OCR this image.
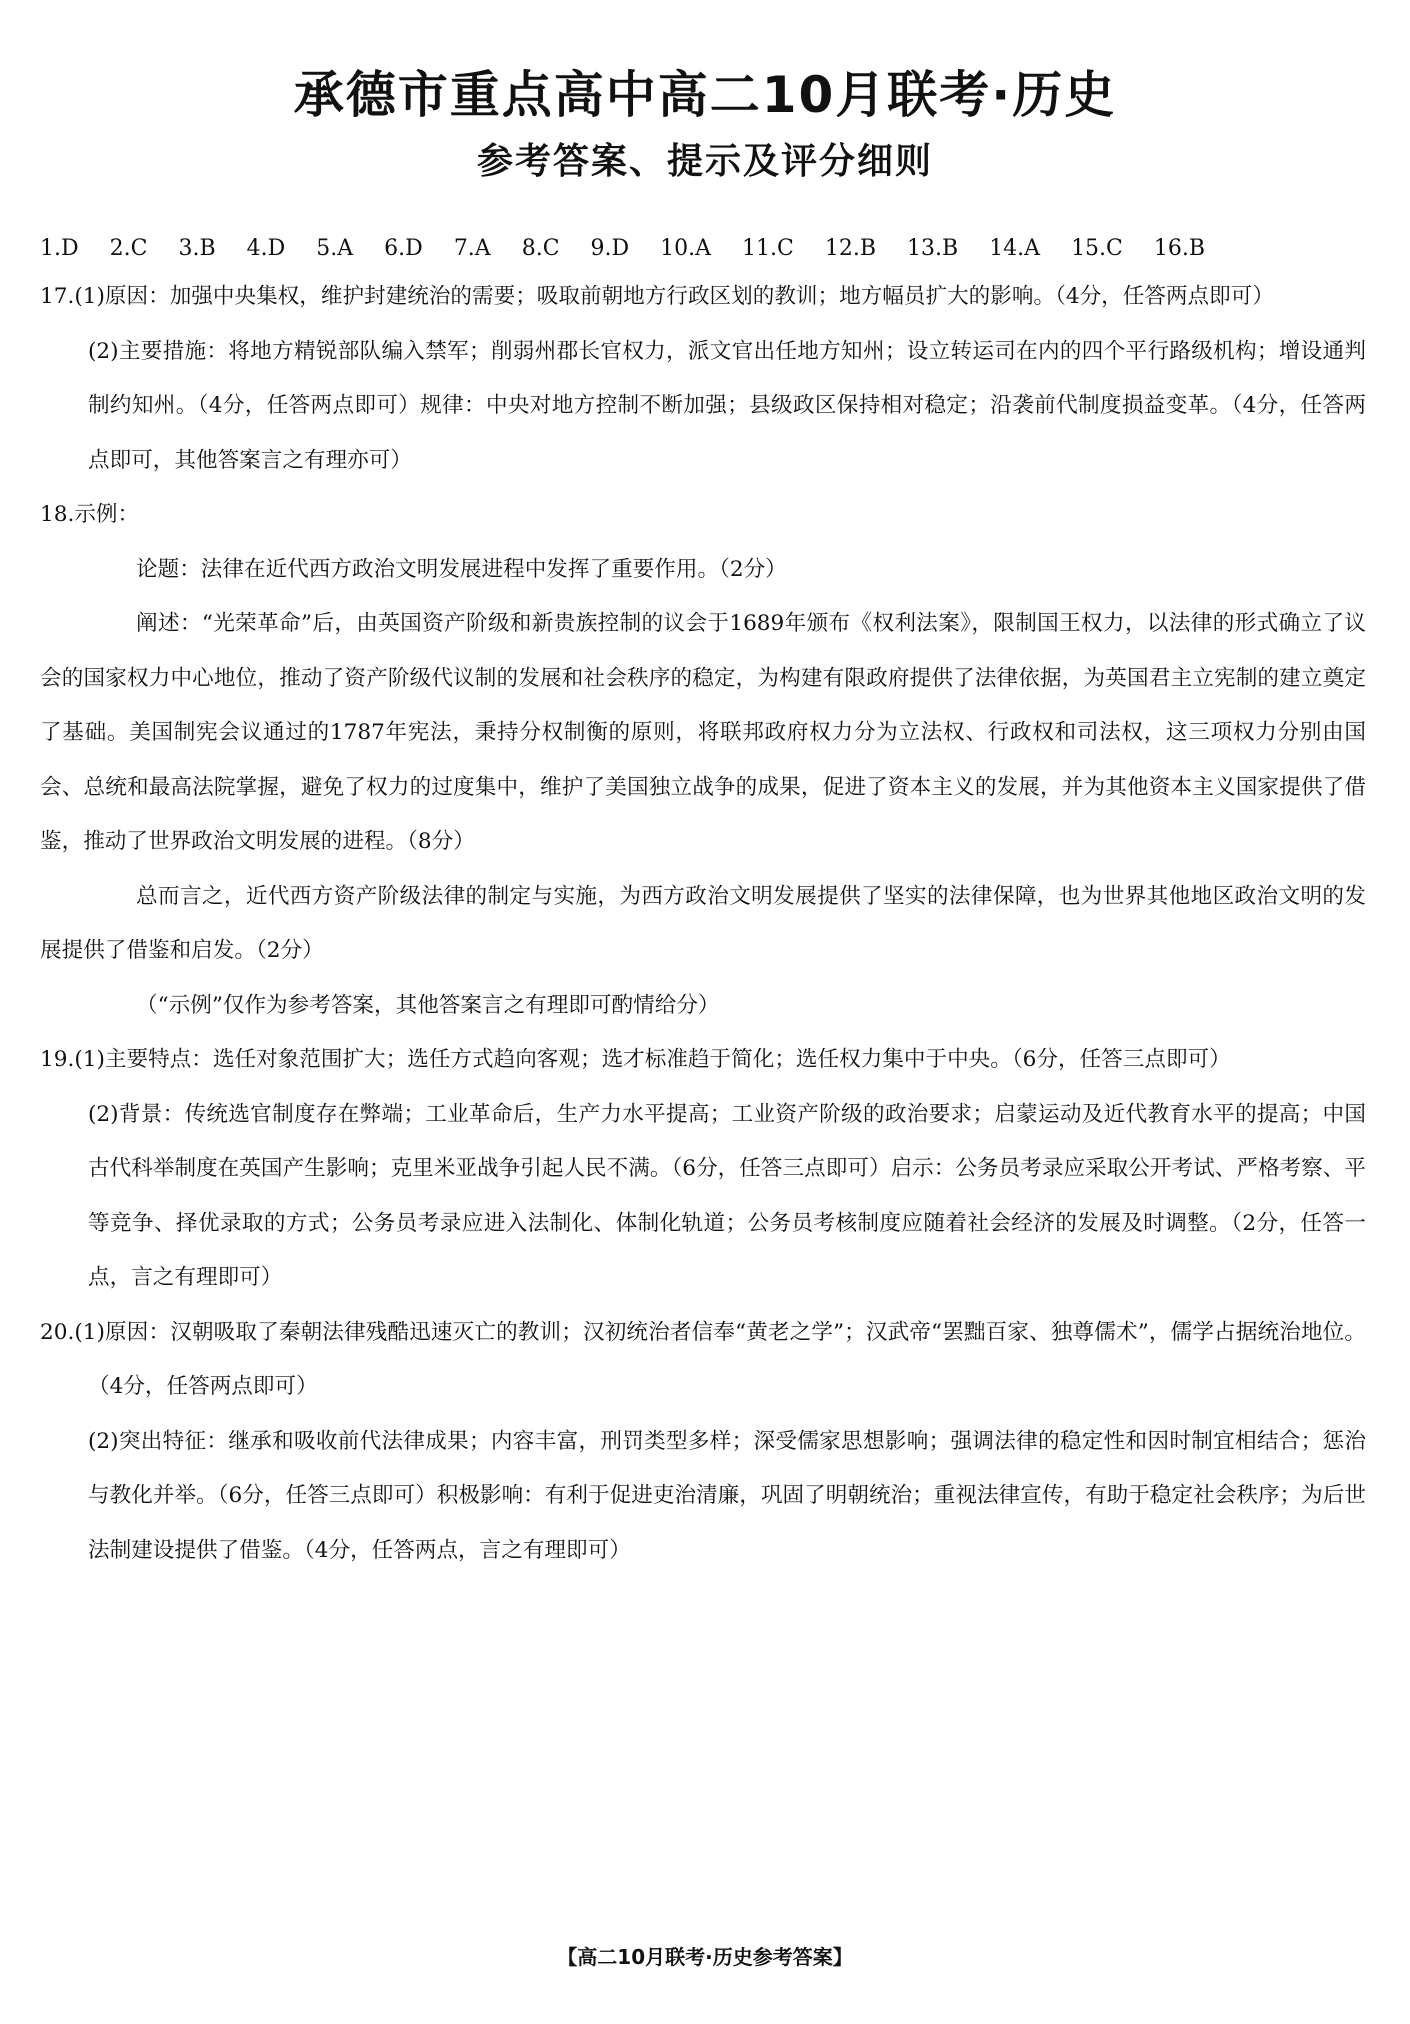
承德市重点高中高二10月联考·历史
参考答案、提示及评分细则
1.D 2.C 3.B 4.D 5.A 6.D 7.A 8.C 9.D 10.A 11.C 12.B 13.B 14.A 15.C 16.B

17.(1)原因：加强中央集权，维护封建统治的需要；吸取前朝地方行政区划的教训；地方幅员扩大的影响。（4分，任答两点即可）

(2)主要措施：将地方精锐部队编入禁军；削弱州郡长官权力，派文官出任地方知州；设立转运司在内的四个平行路级机构；增设通判制约知州。（4分，任答两点即可）规律：中央对地方控制不断加强；县级政区保持相对稳定；沿袭前代制度损益变革。（4分，任答两点即可，其他答案言之有理亦可）

18.示例：

论题：法律在近代西方政治文明发展进程中发挥了重要作用。（2分）

阐述：“光荣革命”后，由英国资产阶级和新贵族控制的议会于1689年颁布《权利法案》，限制国王权力，以法律的形式确立了议会的国家权力中心地位，推动了资产阶级代议制的发展和社会秩序的稳定，为构建有限政府提供了法律依据，为英国君主立宪制的建立奠定了基础。美国制宪会议通过的1787年宪法，秉持分权制衡的原则，将联邦政府权力分为立法权、行政权和司法权，这三项权力分别由国会、总统和最高法院掌握，避免了权力的过度集中，维护了美国独立战争的成果，促进了资本主义的发展，并为其他资本主义国家提供了借鉴，推动了世界政治文明发展的进程。（8分）

总而言之，近代西方资产阶级法律的制定与实施，为西方政治文明发展提供了坚实的法律保障，也为世界其他地区政治文明的发展提供了借鉴和启发。（2分）

（“示例”仅作为参考答案，其他答案言之有理即可酌情给分）

19.(1)主要特点：选任对象范围扩大；选任方式趋向客观；选才标准趋于简化；选任权力集中于中央。（6分，任答三点即可）

(2)背景：传统选官制度存在弊端；工业革命后，生产力水平提高；工业资产阶级的政治要求；启蒙运动及近代教育水平的提高；中国古代科举制度在英国产生影响；克里米亚战争引起人民不满。（6分，任答三点即可）启示：公务员考录应采取公开考试、严格考察、平等竞争、择优录取的方式；公务员考录应进入法制化、体制化轨道；公务员考核制度应随着社会经济的发展及时调整。（2分，任答一点，言之有理即可）

20.(1)原因：汉朝吸取了秦朝法律残酷迅速灭亡的教训；汉初统治者信奉“黄老之学”；汉武帝“罢黜百家、独尊儒术”，儒学占据统治地位。（4分，任答两点即可）

(2)突出特征：继承和吸收前代法律成果；内容丰富，刑罚类型多样；深受儒家思想影响；强调法律的稳定性和因时制宜相结合；惩治与教化并举。（6分，任答三点即可）积极影响：有利于促进吏治清廉，巩固了明朝统治；重视法律宣传，有助于稳定社会秩序；为后世法制建设提供了借鉴。（4分，任答两点，言之有理即可）

【高二10月联考·历史参考答案】
